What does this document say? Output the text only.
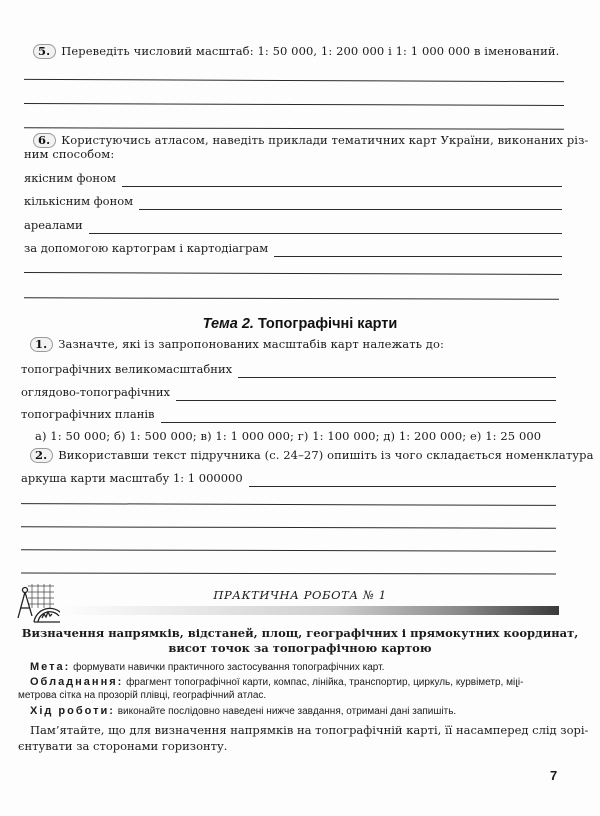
5. Переведіть числовий масштаб: 1: 50 000, 1: 200 000 і 1: 1 000 000 в іменований.
6. Користуючись атласом, наведіть приклади тематичних карт України, виконаних різ-
ним способом:
якісним фоном
кількісним фоном
ареалами
за допомогою картограм і картодіаграм
Тема 2. Топографічні карти
1. Зазначте, які із запропонованих масштабів карт належать до:
топографічних великомасштабних
оглядово-топографічних
топографічних планів
а) 1: 50 000; б) 1: 500 000; в) 1: 1 000 000; г) 1: 100 000; д) 1: 200 000; е) 1: 25 000
2. Використавши текст підручника (с. 24–27) опишіть із чого складається номенклатура
аркуша карти масштабу 1: 1 000000
ПРАКТИЧНА РОБОТА № 1
Визначення напрямків, відстаней, площ, географічних і прямокутних координат,
висот точок за топографічною картою
Мета: формувати навички практичного застосування топографічних карт.
Обладнання: фрагмент топографічної карти, компас, лінійка, транспортир, циркуль, курвіметр, міլі-
метрова сітка на прозорій плівці, географічний атлас.
Хід роботи: виконайте послідовно наведені нижче завдання, отримані дані запишіть.
Пам’ятайте, що для визначення напрямків на топографічній карті, її насамперед слід зорі-
єнтувати за сторонами горизонту.
7
